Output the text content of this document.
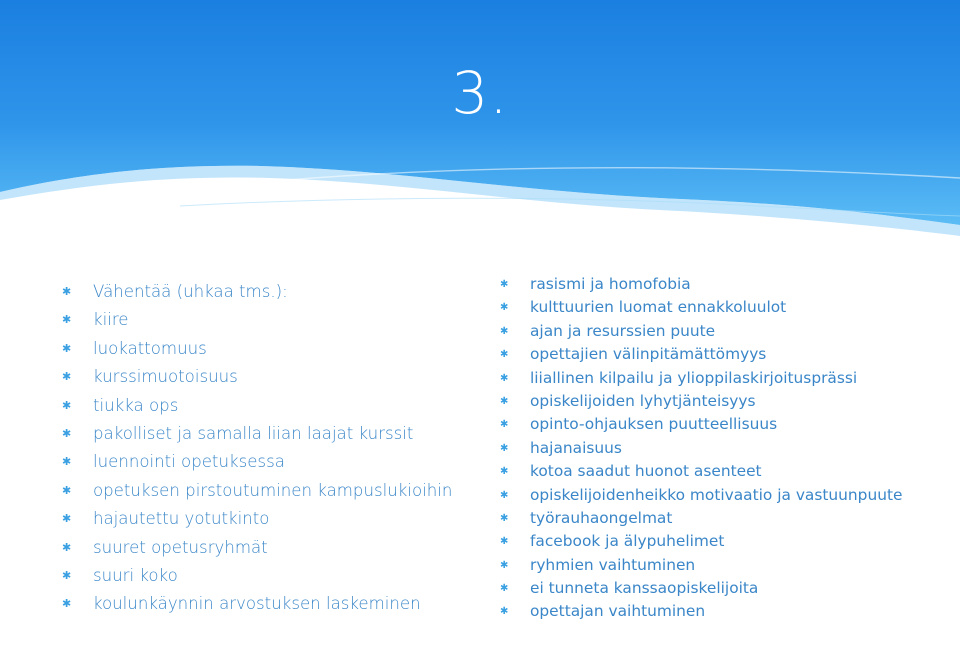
3.
✱ Vähentää (uhkaa tms.):
✱ kiire
✱ luokattomuus
✱ kurssimuotoisuus
✱ tiukka ops
✱ pakolliset ja samalla liian laajat kurssit
✱ luennointi opetuksessa
✱ opetuksen pirstoutuminen kampuslukioihin
✱ hajautettu yotutkinto
✱ suuret opetusryhmät
✱ suuri koko
✱ koulunkäynnin arvostuksen laskeminen
✱ rasismi ja homofobia
✱ kulttuurien luomat ennakkoluulot
✱ ajan ja resurssien puute
✱ opettajien välinpitämättömyys
✱ liiallinen kilpailu ja ylioppilaskirjoitusprässi
✱ opiskelijoiden lyhytjänteisyys
✱ opinto-ohjauksen puutteellisuus
✱ hajanaisuus
✱ kotoa saadut huonot asenteet
✱ opiskelijoidenheikko motivaatio ja vastuunpuute
✱ työrauhaongelmat
✱ facebook ja älypuhelimet
✱ ryhmien vaihtuminen
✱ ei tunneta kanssaopiskelijoita
✱ opettajan vaihtuminen
